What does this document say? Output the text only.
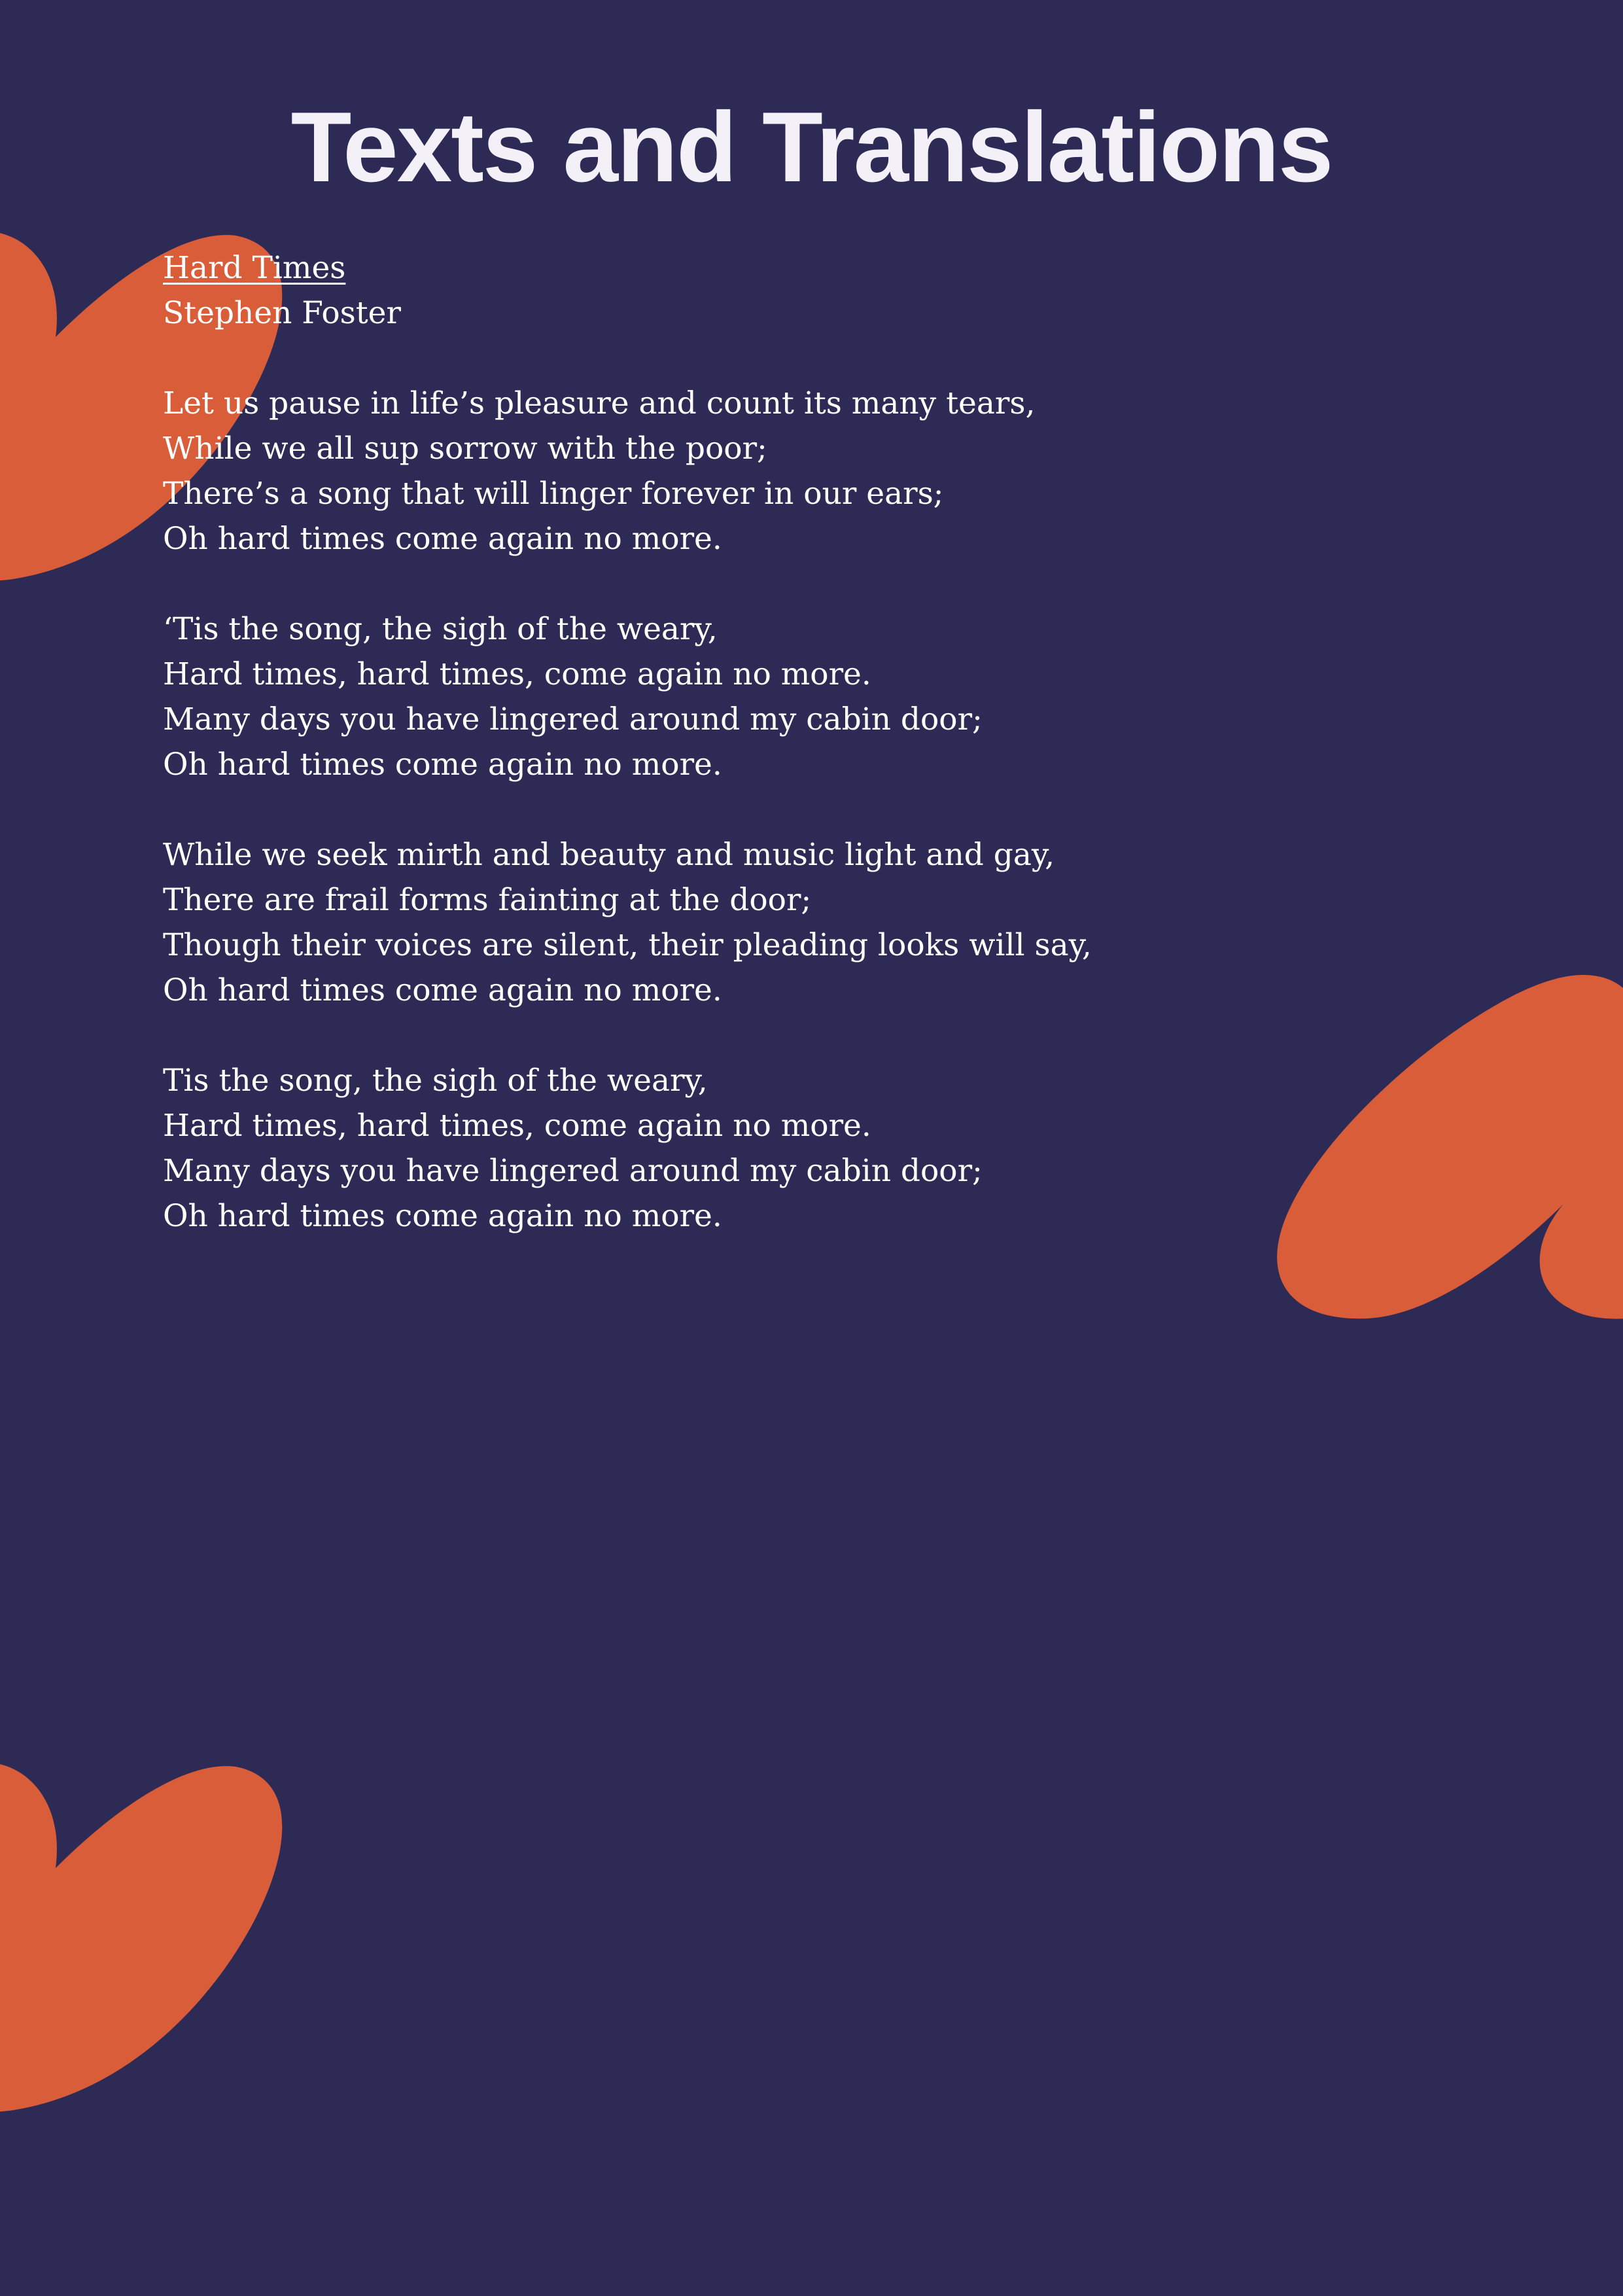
Texts and Translations
Hard Times
Stephen Foster
Let us pause in life’s pleasure and count its many tears,
While we all sup sorrow with the poor;
There’s a song that will linger forever in our ears;
Oh hard times come again no more.
‘Tis the song, the sigh of the weary,
Hard times, hard times, come again no more.
Many days you have lingered around my cabin door;
Oh hard times come again no more.
While we seek mirth and beauty and music light and gay,
There are frail forms fainting at the door;
Though their voices are silent, their pleading looks will say,
Oh hard times come again no more.
Tis the song, the sigh of the weary,
Hard times, hard times, come again no more.
Many days you have lingered around my cabin door;
Oh hard times come again no more.
